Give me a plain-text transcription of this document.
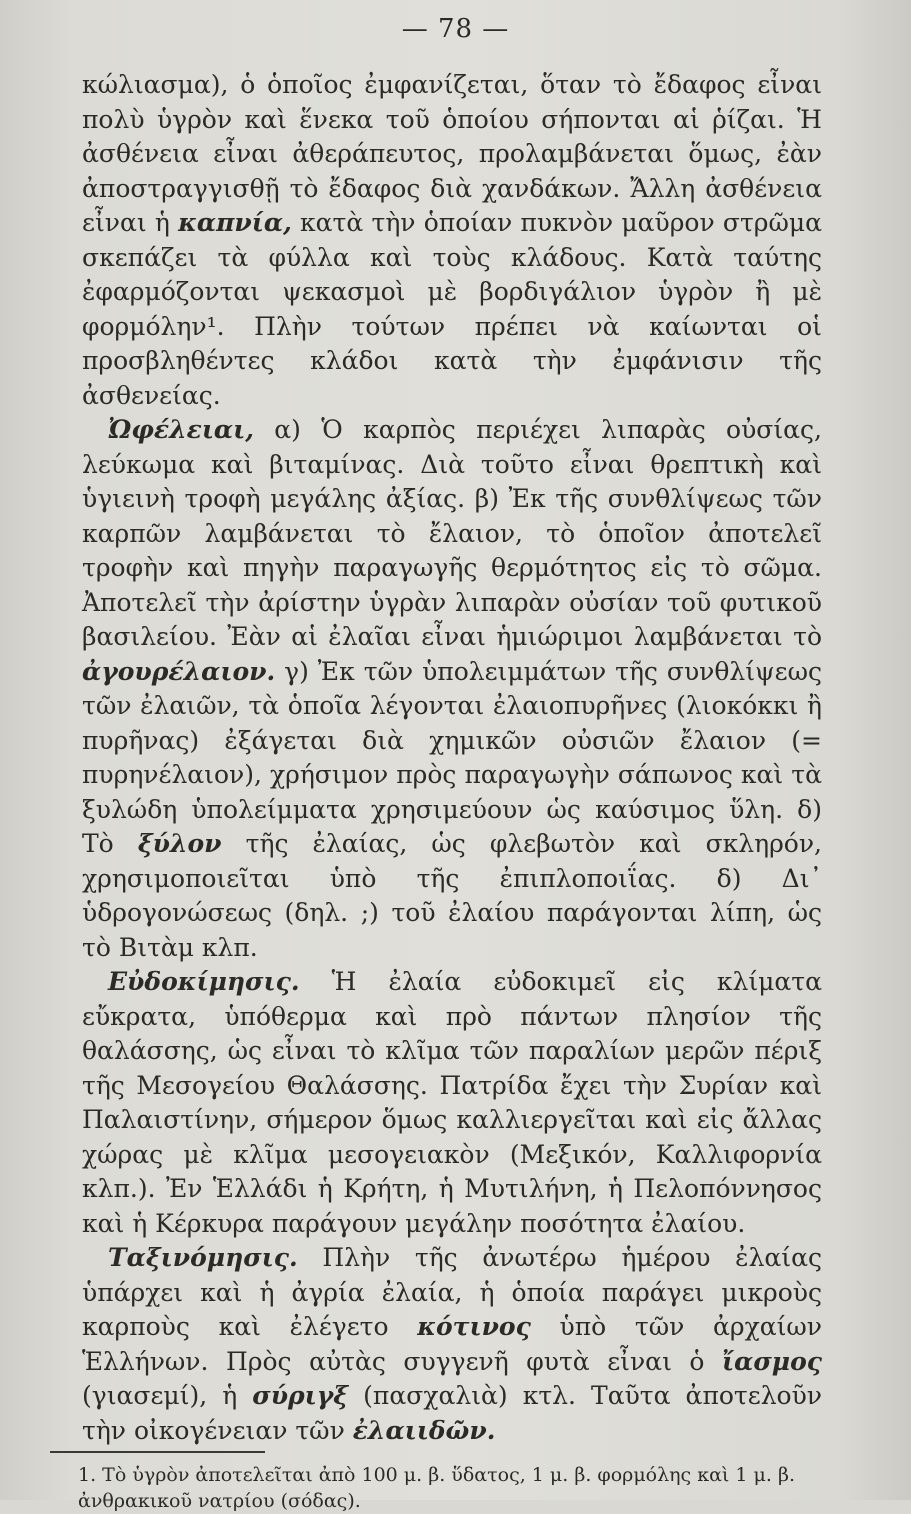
— 78 —

κώλιασμα), ὁ ὁποῖος ἐμφανίζεται, ὅταν τὸ ἔδαφος εἶναι πολὺ ὑγρὸν καὶ ἕνεκα τοῦ ὁποίου σήπονται αἱ ῥίζαι. Ἡ ἀσθένεια εἶναι ἀθεράπευτος, προλαμβάνεται ὅμως, ἐὰν ἀποστραγγισθῇ τὸ ἔδαφος διὰ χανδάκων. Ἄλλη ἀσθένεια εἶναι ἡ καπνία, κατὰ τὴν ὁποίαν πυκνὸν μαῦρον στρῶμα σκεπάζει τὰ φύλλα καὶ τοὺς κλάδους. Κατὰ ταύτης ἐφαρμόζονται ψεκασμοὶ μὲ βορδιγάλιον ὑγρὸν ἢ μὲ φορμόλην¹. Πλὴν τούτων πρέπει νὰ καίωνται οἱ προσβληθέντες κλάδοι κατὰ τὴν ἐμφάνισιν τῆς ἀσθενείας.

Ὠφέλειαι, α) Ὁ καρπὸς περιέχει λιπαρὰς οὐσίας, λεύκωμα καὶ βιταμίνας. Διὰ τοῦτο εἶναι θρεπτικὴ καὶ ὑγιεινὴ τροφὴ μεγάλης ἀξίας. β) Ἐκ τῆς συνθλίψεως τῶν καρπῶν λαμβάνεται τὸ ἔλαιον, τὸ ὁποῖον ἀποτελεῖ τροφὴν καὶ πηγὴν παραγωγῆς θερμότητος εἰς τὸ σῶμα. Ἀποτελεῖ τὴν ἀρίστην ὑγρὰν λιπαρὰν οὐσίαν τοῦ φυτικοῦ βασιλείου. Ἐὰν αἱ ἐλαῖαι εἶναι ἡμιώριμοι λαμβάνεται τὸ ἀγουρέλαιον. γ) Ἐκ τῶν ὑπολειμμάτων τῆς συνθλίψεως τῶν ἐλαιῶν, τὰ ὁποῖα λέγονται ἐλαιοπυρῆνες (λιοκόκκι ἢ πυρῆνας) ἐξάγεται διὰ χημικῶν οὐσιῶν ἔλαιον (= πυρηνέλαιον), χρήσιμον πρὸς παραγωγὴν σάπωνος καὶ τὰ ξυλώδη ὑπολείμματα χρησιμεύουν ὡς καύσιμος ὕλη. δ) Τὸ ξύλον τῆς ἐλαίας, ὡς φλεβωτὸν καὶ σκληρόν, χρησιμοποιεῖται ὑπὸ τῆς ἐπιπλοποιΐας. δ) Δι᾿ ὑδρογονώσεως (δηλ. ;) τοῦ ἐλαίου παράγονται λίπη, ὡς τὸ Βιτὰμ κλπ.

Εὐδοκίμησις. Ἡ ἐλαία εὐδοκιμεῖ εἰς κλίματα εὔκρατα, ὑπόθερμα καὶ πρὸ πάντων πλησίον τῆς θαλάσσης, ὡς εἶναι τὸ κλῖμα τῶν παραλίων μερῶν πέριξ τῆς Μεσογείου Θαλάσσης. Πατρίδα ἔχει τὴν Συρίαν καὶ Παλαιστίνην, σήμερον ὅμως καλλιεργεῖται καὶ εἰς ἄλλας χώρας μὲ κλῖμα μεσογειακὸν (Μεξικόν, Καλλιφορνία κλπ.). Ἐν Ἑλλάδι ἡ Κρήτη, ἡ Μυτιλήνη, ἡ Πελοπόννησος καὶ ἡ Κέρκυρα παράγουν μεγάλην ποσότητα ἐλαίου.

Ταξινόμησις. Πλὴν τῆς ἀνωτέρω ἡμέρου ἐλαίας ὑπάρχει καὶ ἡ ἀγρία ἐλαία, ἡ ὁποία παράγει μικροὺς καρποὺς καὶ ἐλέγετο κότινος ὑπὸ τῶν ἀρχαίων Ἑλλήνων. Πρὸς αὐτὰς συγγενῆ φυτὰ εἶναι ὁ ἴασμος (γιασεμί), ἡ σύριγξ (πασχαλιὰ) κτλ. Ταῦτα ἀποτελοῦν τὴν οἰκογένειαν τῶν ἐλαιιδῶν.

1. Τὸ ὑγρὸν ἀποτελεῖται ἀπὸ 100 μ. β. ὕδατος, 1 μ. β. φορμόλης καὶ 1 μ. β. ἀνθρακικοῦ νατρίου (σόδας).
